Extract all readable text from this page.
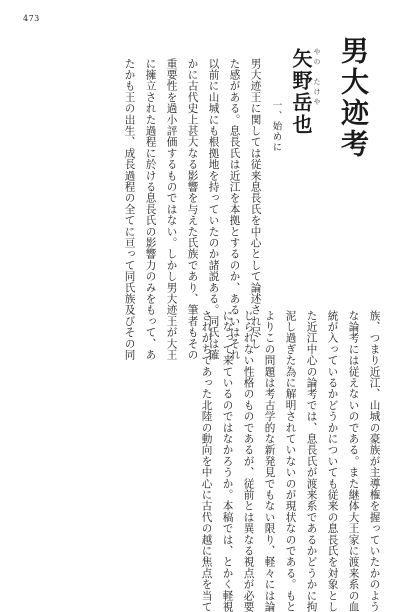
473
男大迹考
やの　たけや
矢野岳也
一、始めに
男大迹王に関しては従来息長氏を中心として論述され尽し
た感がある。息長氏は近江を本拠とするのか、あるいはそれ
以前に山城にも根拠地を持っていたのか諸説ある。同氏は確
かに古代史上甚大なる影響を与えた氏族であり、筆者もその
重要性を過小評価するものではない。しかし男大迹王が大王
に擁立された過程に於ける息長氏の影響力のみをもって、あ
たかも王の出生、成長過程の全てに亘って同氏族及びその同
族、つまり近江、山城の豪族が主導権を握っていたかのよう
な論考には従えないのである。また継体大王家に渡来系の血
統が入っているかどうかについても従来の息長氏を対象とし
た近江中心の論考では、息長氏が渡来系であるかどうかに拘
泥し過ぎた為に解明されていないのが現状なのである。もと
よりこの問題は考古学的な新発見でもない限り、軽々には論
じられない性格のものであるが、従前とは異なる視点が必要
になって来ているのではなかろうか。本稿では、とかく軽視
されがちであった北陸の動向を中心に古代の越に焦点を当て
